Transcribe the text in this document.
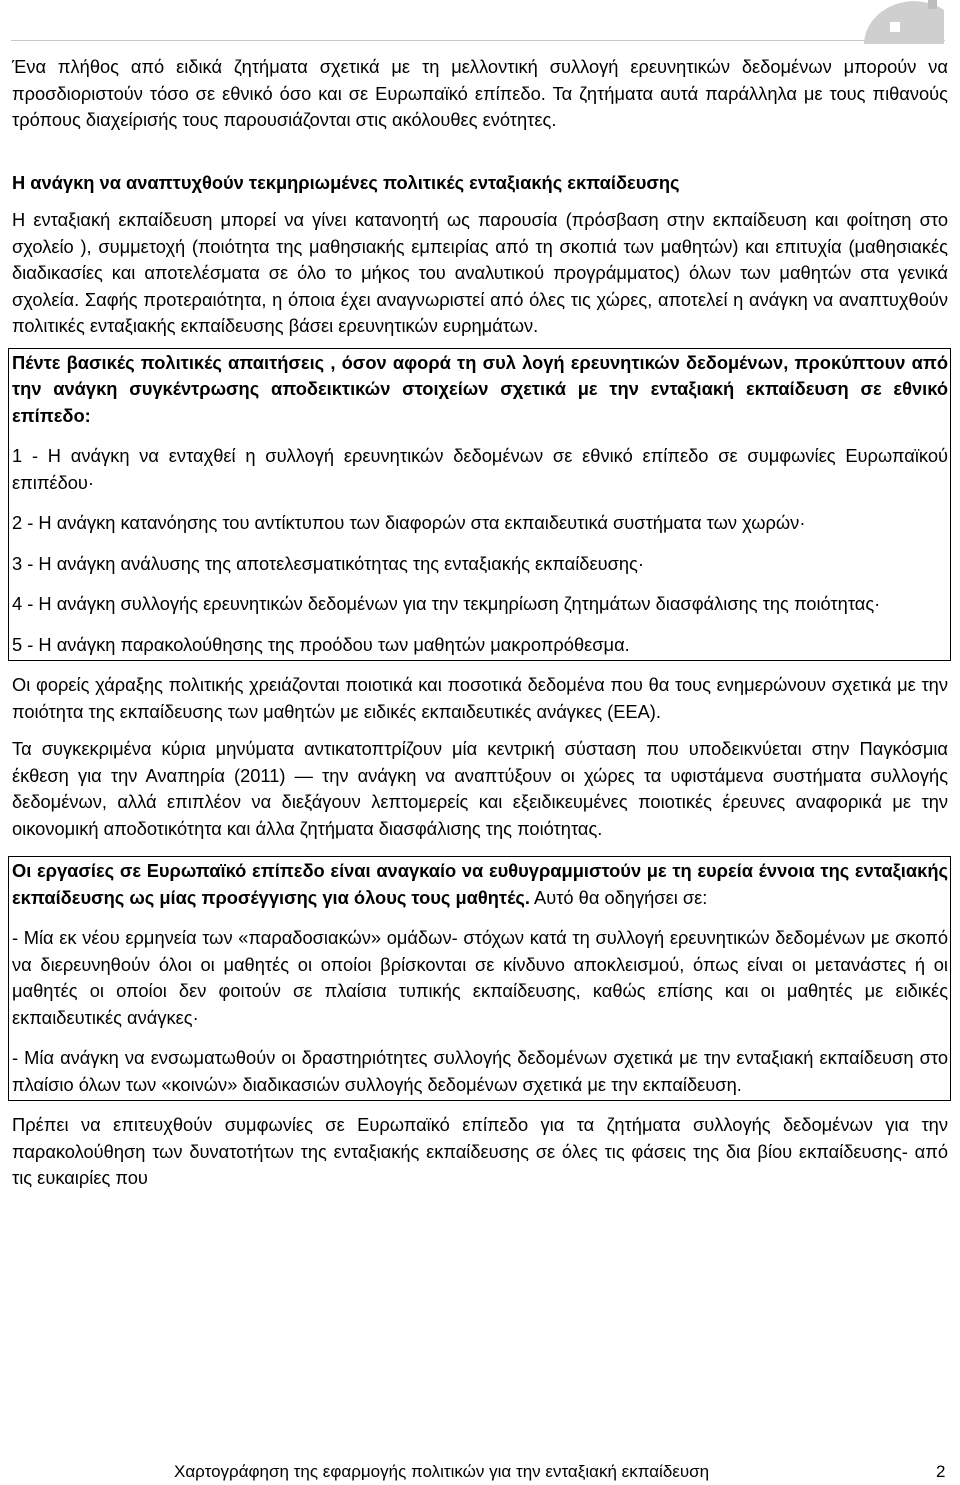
Ένα πλήθος από ειδικά ζητήματα σχετικά με τη μελλοντική συλλογή ερευνητικών δεδομένων μπορούν να προσδιοριστούν τόσο σε εθνικό όσο και σε Ευρωπαϊκό επίπεδο. Τα ζητήματα αυτά παράλληλα με τους πιθανούς τρόπους διαχείρισής τους παρουσιάζονται στις ακόλουθες ενότητες.

Η ανάγκη να αναπτυχθούν τεκμηριωμένες πολιτικές ενταξιακής εκπαίδευσης

Η ενταξιακή εκπαίδευση μπορεί να γίνει κατανοητή ως παρουσία (πρόσβαση στην εκπαίδευση και φοίτηση στο σχολείο ), συμμετοχή (ποιότητα της μαθησιακής εμπειρίας από τη σκοπιά των μαθητών) και επιτυχία (μαθησιακές διαδικασίες και αποτελέσματα σε όλο το μήκος του αναλυτικού προγράμματος) όλων των μαθητών στα γενικά σχολεία. Σαφής προτεραιότητα, η όποια έχει αναγνωριστεί από όλες τις χώρες, αποτελεί η ανάγκη να αναπτυχθούν πολιτικές ενταξιακής εκπαίδευσης βάσει ερευνητικών ευρημάτων.

Πέντε βασικές πολιτικές απαιτήσεις , όσον αφορά τη συλ λογή ερευνητικών δεδομένων, προκύπτουν από την ανάγκη συγκέντρωσης αποδεικτικών στοιχείων σχετικά με την ενταξιακή εκπαίδευση σε εθνικό επίπεδο:

1 - Η ανάγκη να ενταχθεί η συλλογή ερευνητικών δεδομένων σε εθνικό επίπεδο σε συμφωνίες Ευρωπαϊκού επιπέδου·

2 - Η ανάγκη κατανόησης του αντίκτυπου των διαφορών στα εκπαιδευτικά συστήματα των χωρών·

3 - Η ανάγκη ανάλυσης της αποτελεσματικότητας της ενταξιακής εκπαίδευσης·

4 - Η ανάγκη συλλογής ερευνητικών δεδομένων για την τεκμηρίωση ζητημάτων διασφάλισης της ποιότητας·

5 - Η ανάγκη παρακολούθησης της προόδου των μαθητών μακροπρόθεσμα.

Οι φορείς χάραξης πολιτικής χρειάζονται ποιοτικά και ποσοτικά δεδομένα που θα τους ενημερώνουν σχετικά με την ποιότητα της εκπαίδευσης των μαθητών με ειδικές εκπαιδευτικές ανάγκες (ΕΕΑ).

Τα συγκεκριμένα κύρια μηνύματα αντικατοπτρίζουν μία κεντρική σύσταση που υποδεικνύεται στην Παγκόσμια έκθεση για την Αναπηρία (2011) — την ανάγκη να αναπτύξουν οι χώρες τα υφιστάμενα συστήματα συλλογής δεδομένων, αλλά επιπλέον να διεξάγουν λεπτομερείς και εξειδικευμένες ποιοτικές έρευνες αναφορικά με την οικονομική αποδοτικότητα και άλλα ζητήματα διασφάλισης της ποιότητας.

Οι εργασίες σε Ευρωπαϊκό επίπεδο είναι αναγκαίο να ευθυγραμμιστούν με τη ευρεία έννοια της ενταξιακής εκπαίδευσης ως μίας προσέγγισης για όλους τους μαθητές. Αυτό θα οδηγήσει σε:

- Μία εκ νέου ερμηνεία των «παραδοσιακών» ομάδων- στόχων κατά τη συλλογή ερευνητικών δεδομένων με σκοπό να διερευνηθούν όλοι οι μαθητές οι οποίοι βρίσκονται σε κίνδυνο αποκλεισμού, όπως είναι οι μετανάστες ή οι μαθητές οι οποίοι δεν φοιτούν σε πλαίσια τυπικής εκπαίδευσης, καθώς επίσης και οι μαθητές με ειδικές εκπαιδευτικές ανάγκες·

- Μία ανάγκη να ενσωματωθούν οι δραστηριότητες συλλογής δεδομένων σχετικά με την ενταξιακή εκπαίδευση στο πλαίσιο όλων των «κοινών» διαδικασιών συλλογής δεδομένων σχετικά με την εκπαίδευση.

Πρέπει να επιτευχθούν συμφωνίες σε Ευρωπαϊκό επίπεδο για τα ζητήματα συλλογής δεδομένων για την παρακολούθηση των δυνατοτήτων της ενταξιακής εκπαίδευσης σε όλες τις φάσεις της δια βίου εκπαίδευσης- από τις ευκαιρίες που

Χαρτογράφηση της εφαρμογής πολιτικών για την ενταξιακή εκπαίδευση	2
